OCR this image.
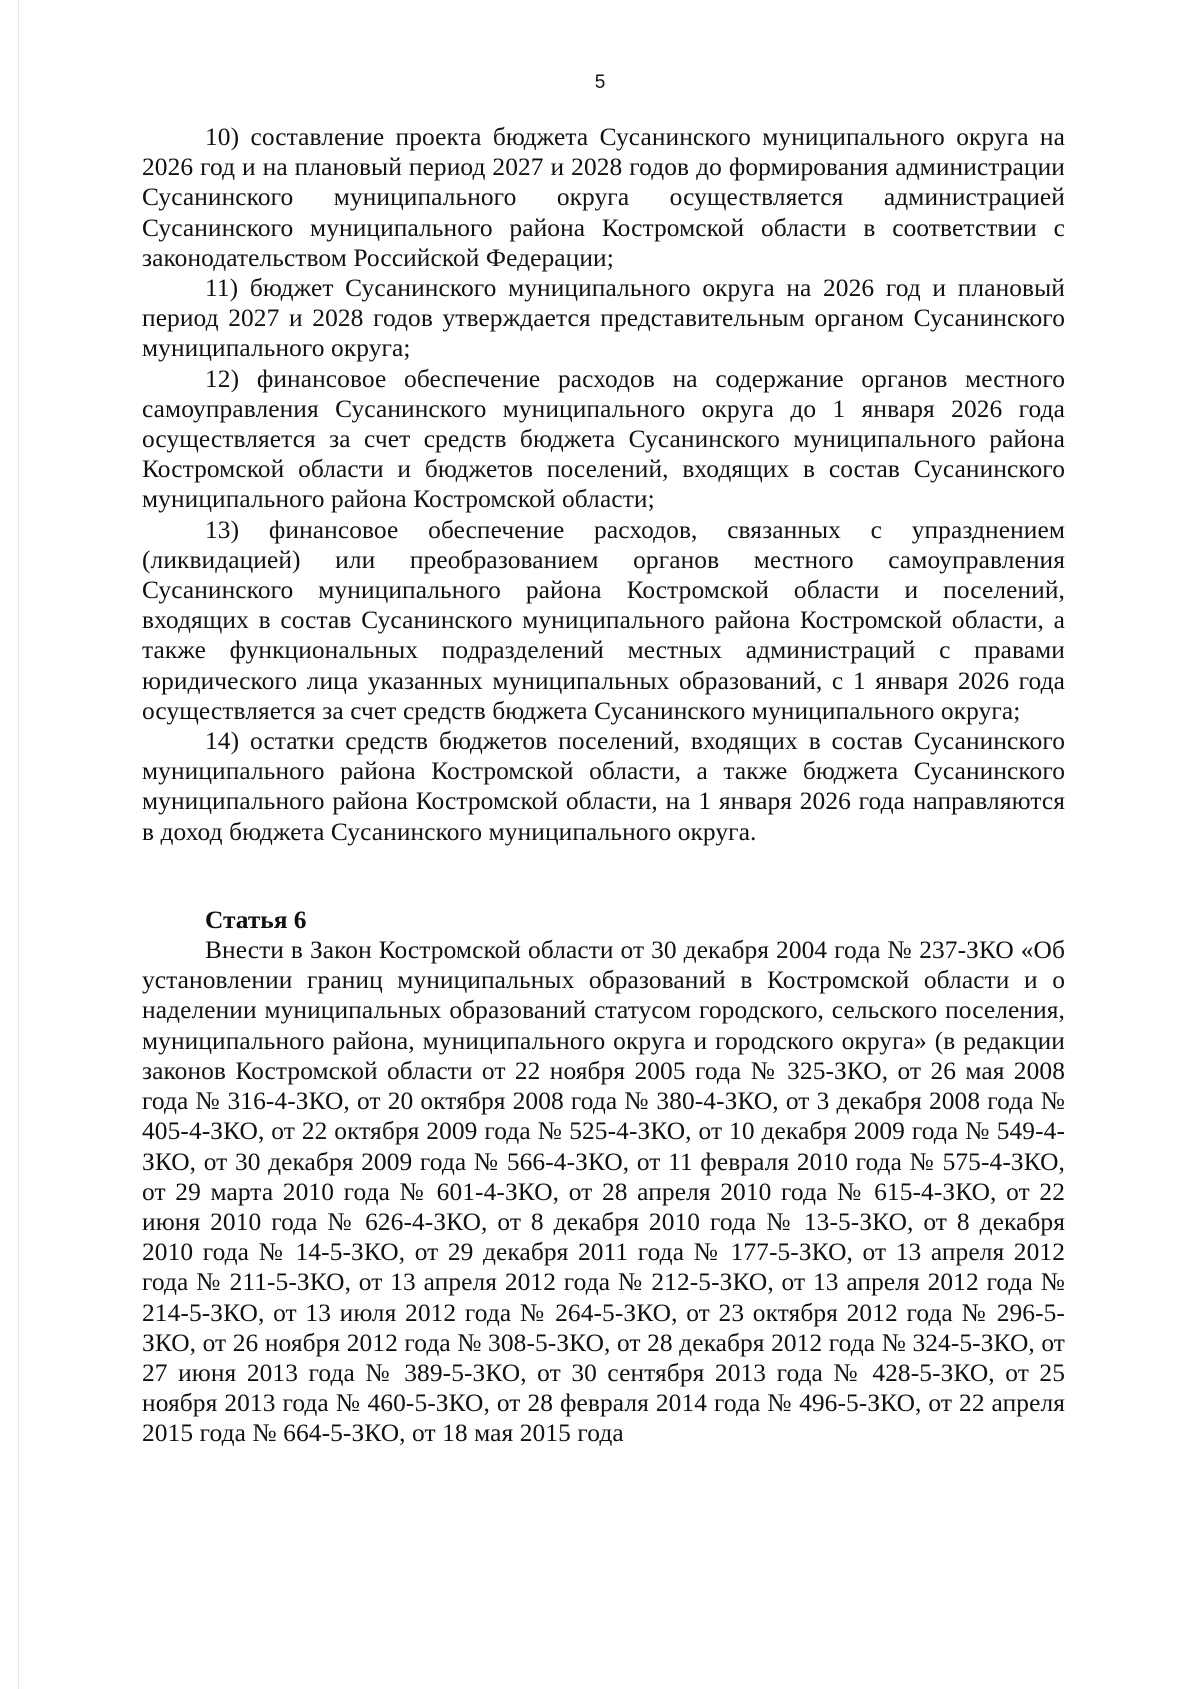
5

10) составление проекта бюджета Сусанинского муниципального округа на 2026 год и на плановый период 2027 и 2028 годов до формирования администрации Сусанинского муниципального округа осуществляется администрацией Сусанинского муниципального района Костромской области в соответствии с законодательством Российской Федерации;

11) бюджет Сусанинского муниципального округа на 2026 год и плановый период 2027 и 2028 годов утверждается представительным органом Сусанинского муниципального округа;

12) финансовое обеспечение расходов на содержание органов местного самоуправления Сусанинского муниципального округа до 1 января 2026 года осуществляется за счет средств бюджета Сусанинского муниципального района Костромской области и бюджетов поселений, входящих в состав Сусанинского муниципального района Костромской области;

13) финансовое обеспечение расходов, связанных с упразднением (ликвидацией) или преобразованием органов местного самоуправления Сусанинского муниципального района Костромской области и поселений, входящих в состав Сусанинского муниципального района Костромской области, а также функциональных подразделений местных администраций с правами юридического лица указанных муниципальных образований, с 1 января 2026 года осуществляется за счет средств бюджета Сусанинского муниципального округа;

14) остатки средств бюджетов поселений, входящих в состав Сусанинского муниципального района Костромской области, а также бюджета Сусанинского муниципального района Костромской области, на 1 января 2026 года направляются в доход бюджета Сусанинского муниципального округа.

Статья 6

Внести в Закон Костромской области от 30 декабря 2004 года № 237-ЗКО «Об установлении границ муниципальных образований в Костромской области и о наделении муниципальных образований статусом городского, сельского поселения, муниципального района, муниципального округа и городского округа» (в редакции законов Костромской области от 22 ноября 2005 года № 325-ЗКО, от 26 мая 2008 года № 316-4-ЗКО, от 20 октября 2008 года № 380-4-ЗКО, от 3 декабря 2008 года № 405-4-ЗКО, от 22 октября 2009 года № 525-4-ЗКО, от 10 декабря 2009 года № 549-4-ЗКО, от 30 декабря 2009 года № 566-4-ЗКО, от 11 февраля 2010 года № 575-4-ЗКО, от 29 марта 2010 года № 601-4-ЗКО, от 28 апреля 2010 года № 615-4-ЗКО, от 22 июня 2010 года № 626-4-ЗКО, от 8 декабря 2010 года № 13-5-ЗКО, от 8 декабря 2010 года № 14-5-ЗКО, от 29 декабря 2011 года № 177-5-ЗКО, от 13 апреля 2012 года № 211-5-ЗКО, от 13 апреля 2012 года № 212-5-ЗКО, от 13 апреля 2012 года № 214-5-ЗКО, от 13 июля 2012 года № 264-5-ЗКО, от 23 октября 2012 года № 296-5-ЗКО, от 26 ноября 2012 года № 308-5-ЗКО, от 28 декабря 2012 года № 324-5-ЗКО, от 27 июня 2013 года № 389-5-ЗКО, от 30 сентября 2013 года № 428-5-ЗКО, от 25 ноября 2013 года № 460-5-ЗКО, от 28 февраля 2014 года № 496-5-ЗКО, от 22 апреля 2015 года № 664-5-ЗКО, от 18 мая 2015 года
